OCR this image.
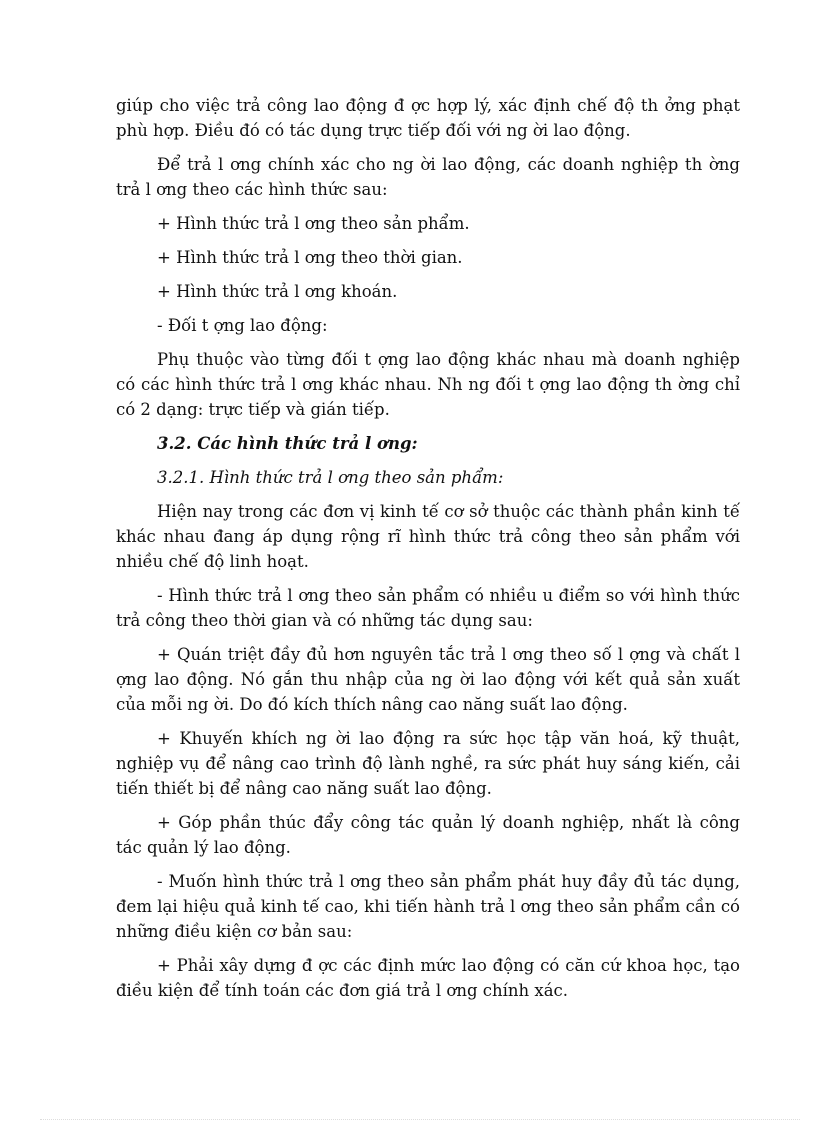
giúp cho việc trả công lao động đ ợc hợp lý, xác định chế độ th ởng phạt phù hợp. Điều đó có tác dụng trực tiếp đối với ng ời lao động.

Để trả l ơng chính xác cho ng ời lao động, các doanh nghiệp th ờng trả l ơng theo các hình thức sau:

+ Hình thức trả l ơng theo sản phẩm.

+ Hình thức trả l ơng theo thời gian.

+ Hình thức trả l ơng khoán.

- Đối t ợng lao động:

Phụ thuộc vào từng đối t ợng lao động khác nhau mà doanh nghiệp có các hình thức trả l ơng khác nhau. Nh ng đối t ợng lao động th ờng chỉ có 2 dạng: trực tiếp và gián tiếp.

3.2. Các hình thức trả l ơng:

3.2.1. Hình thức trả l ơng theo sản phẩm:

Hiện nay trong các đơn vị kinh tế cơ sở thuộc các thành phần kinh tế khác nhau đang áp dụng rộng rĩ hình thức trả công theo sản phẩm với nhiều chế độ linh hoạt.

- Hình thức trả l ơng theo sản phẩm có nhiều u điểm so với hình thức trả công theo thời gian và có những tác dụng sau:

+ Quán triệt đầy đủ hơn nguyên tắc trả l ơng theo số l ợng và chất l ợng lao động. Nó gắn thu nhập của ng ời lao động với kết quả sản xuất của mỗi ng ời. Do đó kích thích nâng cao năng suất lao động.

+ Khuyến khích ng ời lao động ra sức học tập văn hoá, kỹ thuật, nghiệp vụ để nâng cao trình độ lành nghề, ra sức phát huy sáng kiến, cải tiến thiết bị để nâng cao năng suất lao động.

+ Góp phần thúc đẩy công tác quản lý doanh nghiệp, nhất là công tác quản lý lao động.

- Muốn hình thức trả l ơng theo sản phẩm phát huy đầy đủ tác dụng, đem lại hiệu quả kinh tế cao, khi tiến hành trả l ơng theo sản phẩm cần có những điều kiện cơ bản sau:

+ Phải xây dựng đ ợc các định mức lao động có căn cứ khoa học, tạo điều kiện để tính toán các đơn giá trả l ơng chính xác.
